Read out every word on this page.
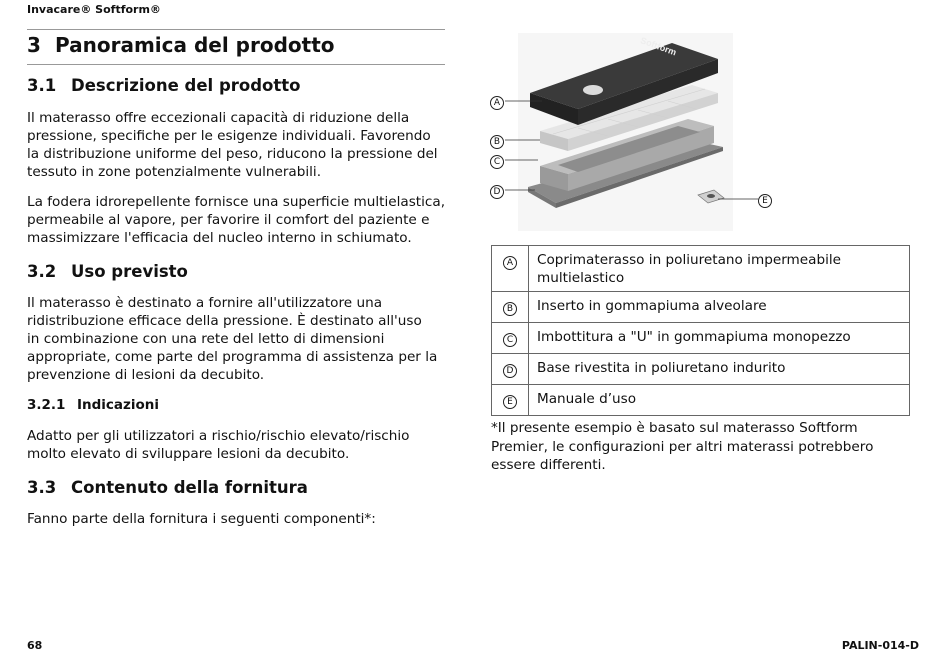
Invacare® Softform®
3 Panoramica del prodotto
3.1 Descrizione del prodotto
Il materasso offre eccezionali capacità di riduzione della
pressione, specifiche per le esigenze individuali. Favorendo
la distribuzione uniforme del peso, riducono la pressione del
tessuto in zone potenzialmente vulnerabili.
La fodera idrorepellente fornisce una superficie multielastica,
permeabile al vapore, per favorire il comfort del paziente e
massimizzare l'efficacia del nucleo interno in schiumato.
3.2 Uso previsto
Il materasso è destinato a fornire all'utilizzatore una
ridistribuzione efficace della pressione. È destinato all'uso
in combinazione con una rete del letto di dimensioni
appropriate, come parte del programma di assistenza per la
prevenzione di lesioni da decubito.
3.2.1 Indicazioni
Adatto per gli utilizzatori a rischio/rischio elevato/rischio
molto elevato di sviluppare lesioni da decubito.
3.3 Contenuto della fornitura
Fanno parte della fornitura i seguenti componenti*:
Softform
A
B
C
D
E
A	Coprimaterasso in poliuretano impermeabile
multielastico

B	Inserto in gommapiuma alveolare
C	Imbottitura a "U" in gommapiuma monopezzo
D	Base rivestita in poliuretano indurito
E	Manuale d’uso
*Il presente esempio è basato sul materasso Softform
Premier, le configurazioni per altri materassi potrebbero
essere differenti.
68	PALIN-014-D
